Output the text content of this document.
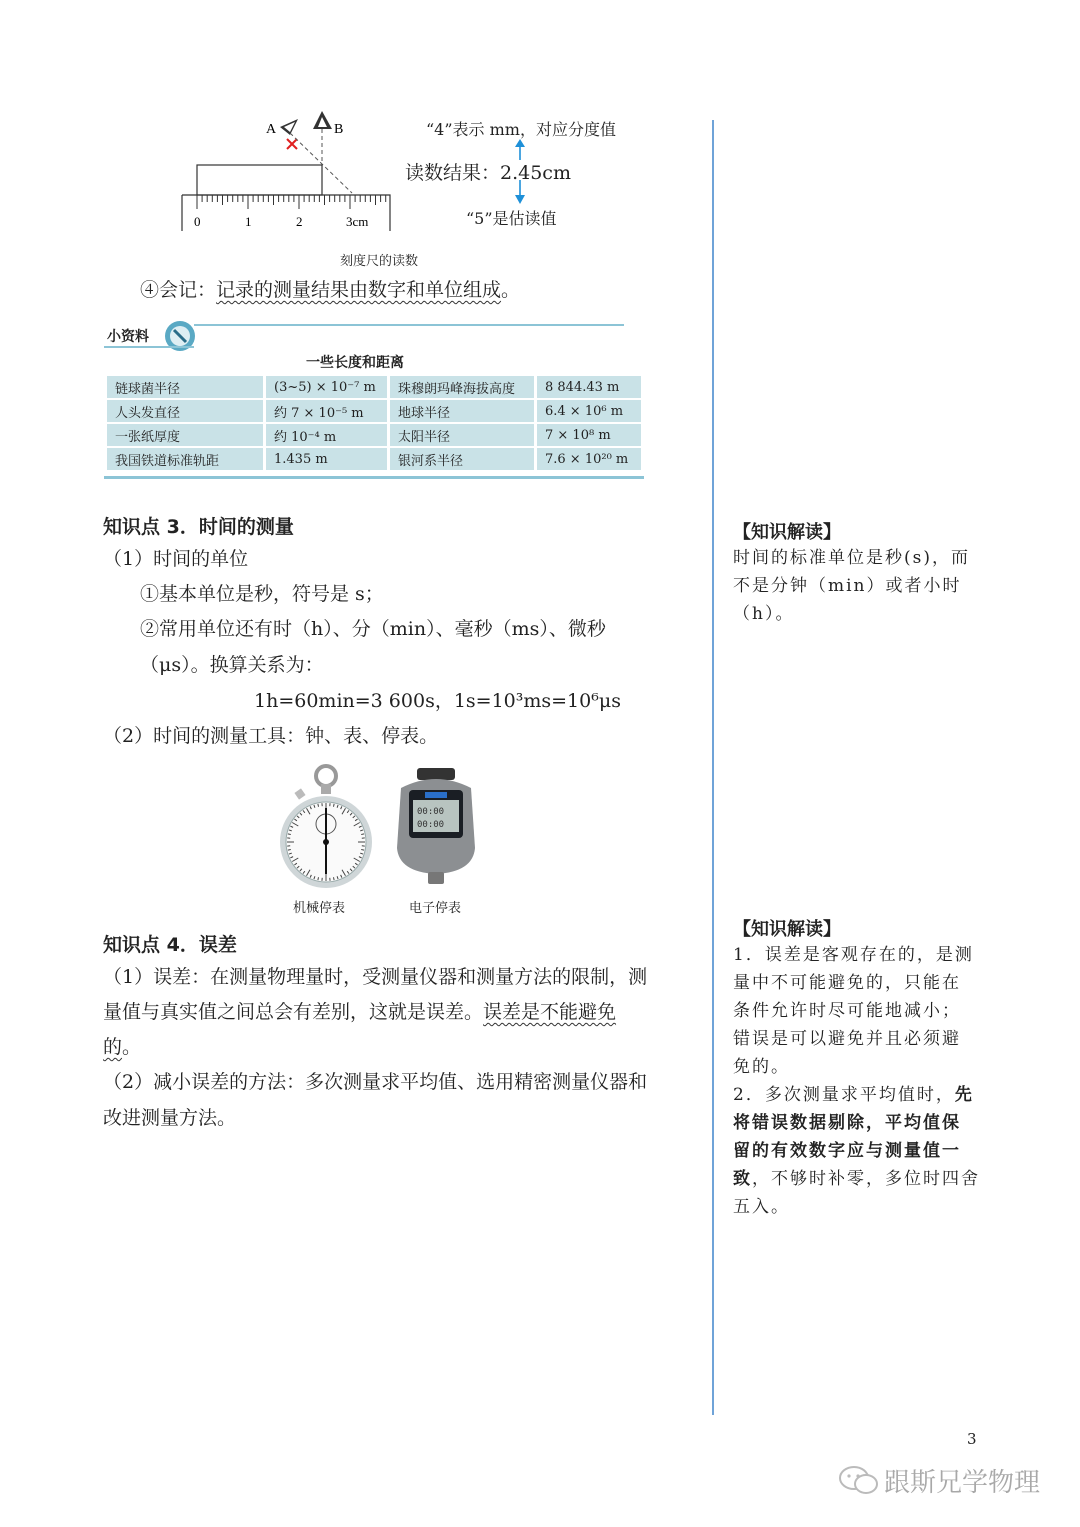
A	B
0	1	2	3cm
刻度尺的读数
“4”表示 mm，对应分度值
读数结果：2.45cm
“5”是估读值
④会记：记录的测量结果由数字和单位组成。
小资料
一些长度和距离
链球菌半径	(3~5) × 10⁻⁷ m	珠穆朗玛峰海拔高度	8 844.43 m
人头发直径	约 7 × 10⁻⁵ m	地球半径	6.4 × 10⁶ m
一张纸厚度	约 10⁻⁴ m	太阳半径	7 × 10⁸ m
我国铁道标准轨距	1.435 m	银河系半径	7.6 × 10²⁰ m
知识点 3．时间的测量
（1）时间的单位
①基本单位是秒，符号是 s；
②常用单位还有时（h）、分（min）、毫秒（ms）、微秒
（μs）。换算关系为：
1h=60min=3 600s，1s=10³ms=10⁶μs
（2）时间的测量工具：钟、表、停表。
00:00
00:00
机械停表	电子停表
知识点 4．误差
（1）误差：在测量物理量时，受测量仪器和测量方法的限制，测
量值与真实值之间总会有差别，这就是误差。误差是不能避免
的。
（2）减小误差的方法：多次测量求平均值、选用精密测量仪器和
改进测量方法。
【知识解读】
时间的标准单位是秒(s)，而
不是分钟（min）或者小时
（h）。
【知识解读】
1．误差是客观存在的，是测
量中不可能避免的，只能在
条件允许时尽可能地减小；
错误是可以避免并且必须避
免的。
2．多次测量求平均值时，先
将错误数据剔除，平均值保
留的有效数字应与测量值一
致，不够时补零，多位时四舍
五入。
3
跟斯兄学物理
